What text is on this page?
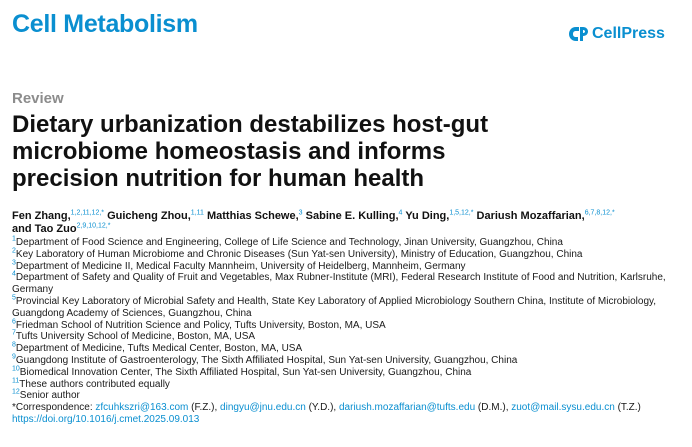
Cell Metabolism	CellPress
Review
Dietary urbanization destabilizes host-gut
microbiome homeostasis and informs
precision nutrition for human health
Fen Zhang,$^{1,2,11,12,*}$ Guicheng Zhou,$^{1,11}$ Matthias Schewe,$^3$ Sabine E. Kulling,$^4$ Yu Ding,$^{1,5,12,*}$ Dariush Mozaffarian,$^{6,7,8,12,*}$ and Tao Zuo$^{2,9,10,12,*}$
$^1$Department of Food Science and Engineering, College of Life Science and Technology, Jinan University, Guangzhou, China
$^2$Key Laboratory of Human Microbiome and Chronic Diseases (Sun Yat-sen University), Ministry of Education, Guangzhou, China
$^3$Department of Medicine II, Medical Faculty Mannheim, University of Heidelberg, Mannheim, Germany
$^4$Department of Safety and Quality of Fruit and Vegetables, Max Rubner-Institute (MRI), Federal Research Institute of Food and Nutrition, Karlsruhe, Germany
$^5$Provincial Key Laboratory of Microbial Safety and Health, State Key Laboratory of Applied Microbiology Southern China, Institute of Microbiology, Guangdong Academy of Sciences, Guangzhou, China
$^6$Friedman School of Nutrition Science and Policy, Tufts University, Boston, MA, USA
$^7$Tufts University School of Medicine, Boston, MA, USA
$^8$Department of Medicine, Tufts Medical Center, Boston, MA, USA
$^9$Guangdong Institute of Gastroenterology, The Sixth Affiliated Hospital, Sun Yat-sen University, Guangzhou, China
$^{10}$Biomedical Innovation Center, The Sixth Affiliated Hospital, Sun Yat-sen University, Guangzhou, China
$^{11}$These authors contributed equally
$^{12}$Senior author
*Correspondence: zfcuhkszri@163.com (F.Z.), dingyu@jnu.edu.cn (Y.D.), dariush.mozaffarian@tufts.edu (D.M.), zuot@mail.sysu.edu.cn (T.Z.)
https://doi.org/10.1016/j.cmet.2025.09.013
